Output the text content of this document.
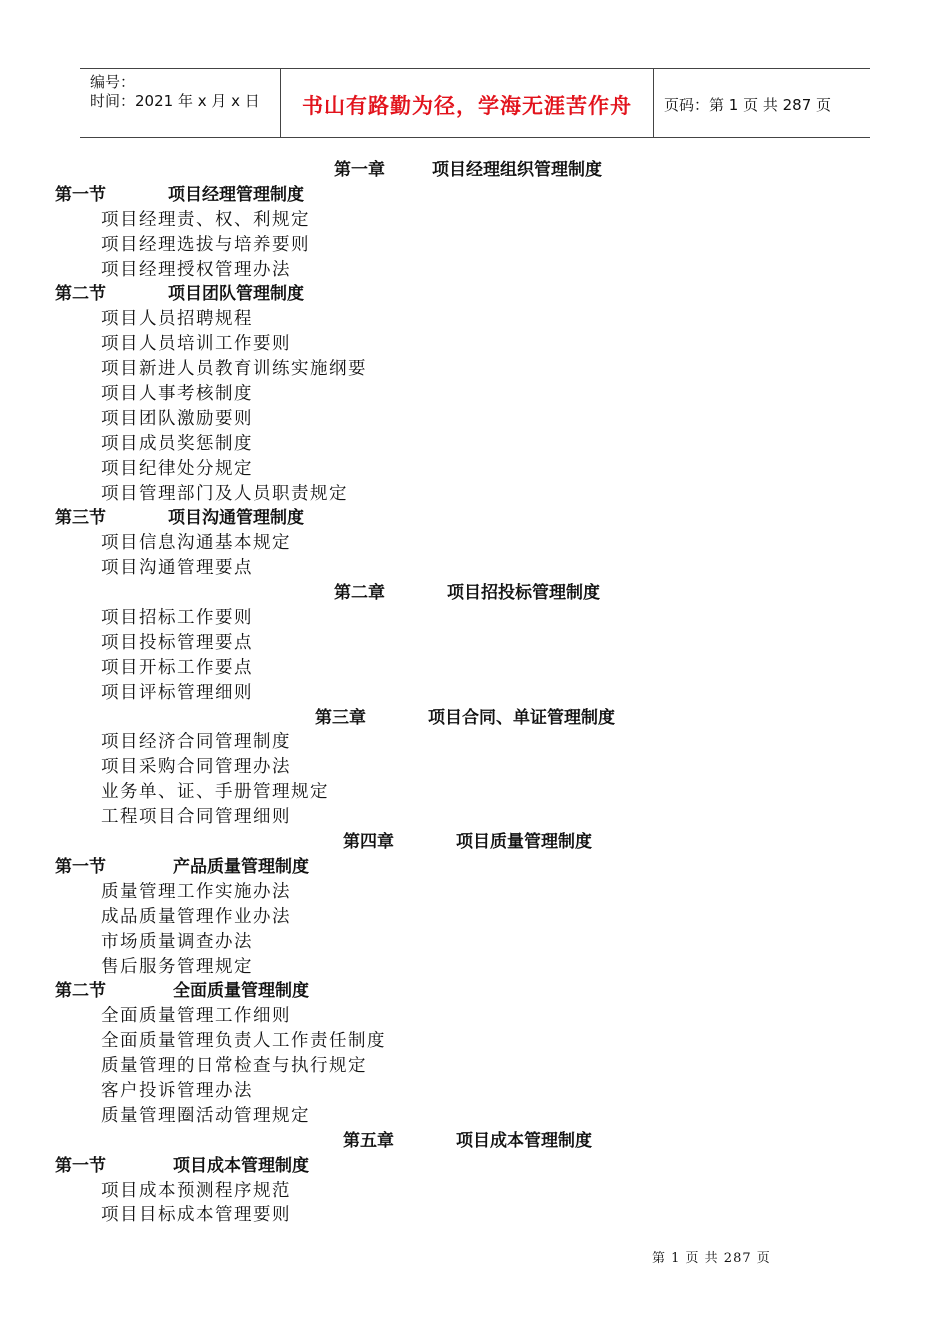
编号：
时间：2021 年 x 月 x 日	书山有路勤为径，学海无涯苦作舟 页码：第 1 页 共 287 页
第一章	项目经理组织管理制度
第一节	项目经理管理制度
项目经理责、权、利规定
项目经理选拔与培养要则
项目经理授权管理办法
第二节	项目团队管理制度
项目人员招聘规程
项目人员培训工作要则
项目新进人员教育训练实施纲要
项目人事考核制度
项目团队激励要则
项目成员奖惩制度
项目纪律处分规定
项目管理部门及人员职责规定
第三节	项目沟通管理制度
项目信息沟通基本规定
项目沟通管理要点
第二章	项目招投标管理制度
项目招标工作要则
项目投标管理要点
项目开标工作要点
项目评标管理细则
第三章	项目合同、单证管理制度
项目经济合同管理制度
项目采购合同管理办法
业务单、证、手册管理规定
工程项目合同管理细则
第四章	项目质量管理制度
第一节	产品质量管理制度
质量管理工作实施办法
成品质量管理作业办法
市场质量调查办法
售后服务管理规定
第二节	全面质量管理制度
全面质量管理工作细则
全面质量管理负责人工作责任制度
质量管理的日常检查与执行规定
客户投诉管理办法
质量管理圈活动管理规定
第五章	项目成本管理制度
第一节	项目成本管理制度
项目成本预测程序规范
项目目标成本管理要则
第 1 页 共 287 页
